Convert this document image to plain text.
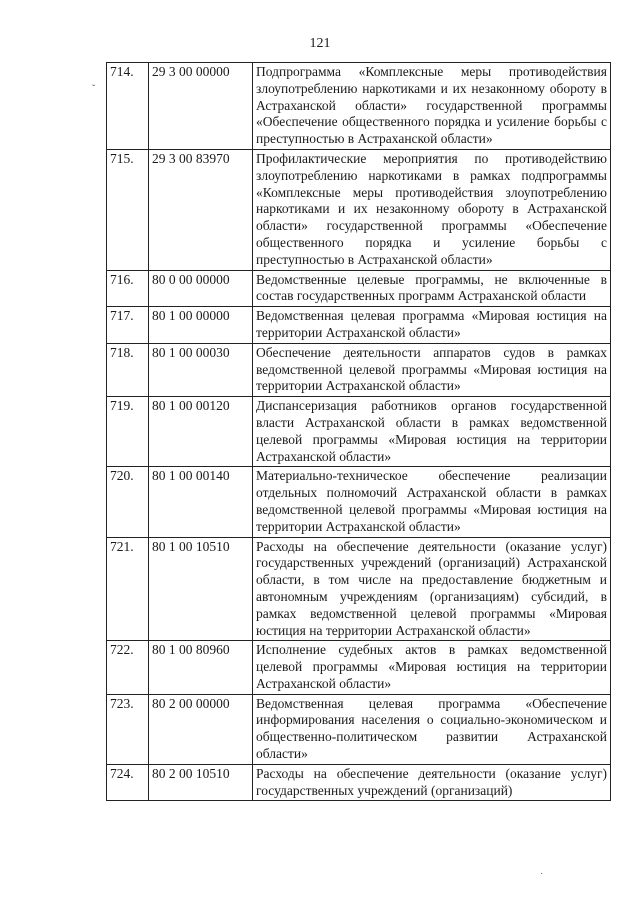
121
ˇ
˙
714.	29 3 00 00000	Подпрограмма «Комплексные меры противодействия злоупотреблению наркотиками и их незаконному обороту в Астраханской области» государственной программы «Обеспечение общественного порядка и усиление борьбы с преступностью в Астраханской области»
715.	29 3 00 83970	Профилактические мероприятия по противодействию злоупотреблению наркотиками в рамках подпрограммы «Комплексные меры противодействия злоупотреблению наркотиками и их незаконному обороту в Астраханской области» государственной программы «Обеспечение общественного порядка и усиление борьбы с преступностью в Астраханской области»
716.	80 0 00 00000	Ведомственные целевые программы, не включенные в состав государственных программ Астраханской области
717.	80 1 00 00000	Ведомственная целевая программа «Мировая юстиция на территории Астраханской области»
718.	80 1 00 00030	Обеспечение деятельности аппаратов судов в рамках ведомственной целевой программы «Мировая юстиция на территории Астраханской области»
719.	80 1 00 00120	Диспансеризация работников органов государственной власти Астраханской области в рамках ведомственной целевой программы «Мировая юстиция на территории Астраханской области»
720.	80 1 00 00140	Материально-техническое обеспечение реализации отдельных полномочий Астраханской области в рамках ведомственной целевой программы «Мировая юстиция на территории Астраханской области»
721.	80 1 00 10510	Расходы на обеспечение деятельности (оказание услуг) государственных учреждений (организаций) Астраханской области, в том числе на предоставление бюджетным и автономным учреждениям (организациям) субсидий, в рамках ведомственной целевой программы «Мировая юстиция на территории Астраханской области»
722.	80 1 00 80960	Исполнение судебных актов в рамках ведомственной целевой программы «Мировая юстиция на территории Астраханской области»
723.	80 2 00 00000	Ведомственная целевая программа «Обеспечение информирования населения о социально-экономическом и общественно-политическом развитии Астраханской области»
724.	80 2 00 10510	Расходы на обеспечение деятельности (оказание услуг) государственных учреждений (организаций)
